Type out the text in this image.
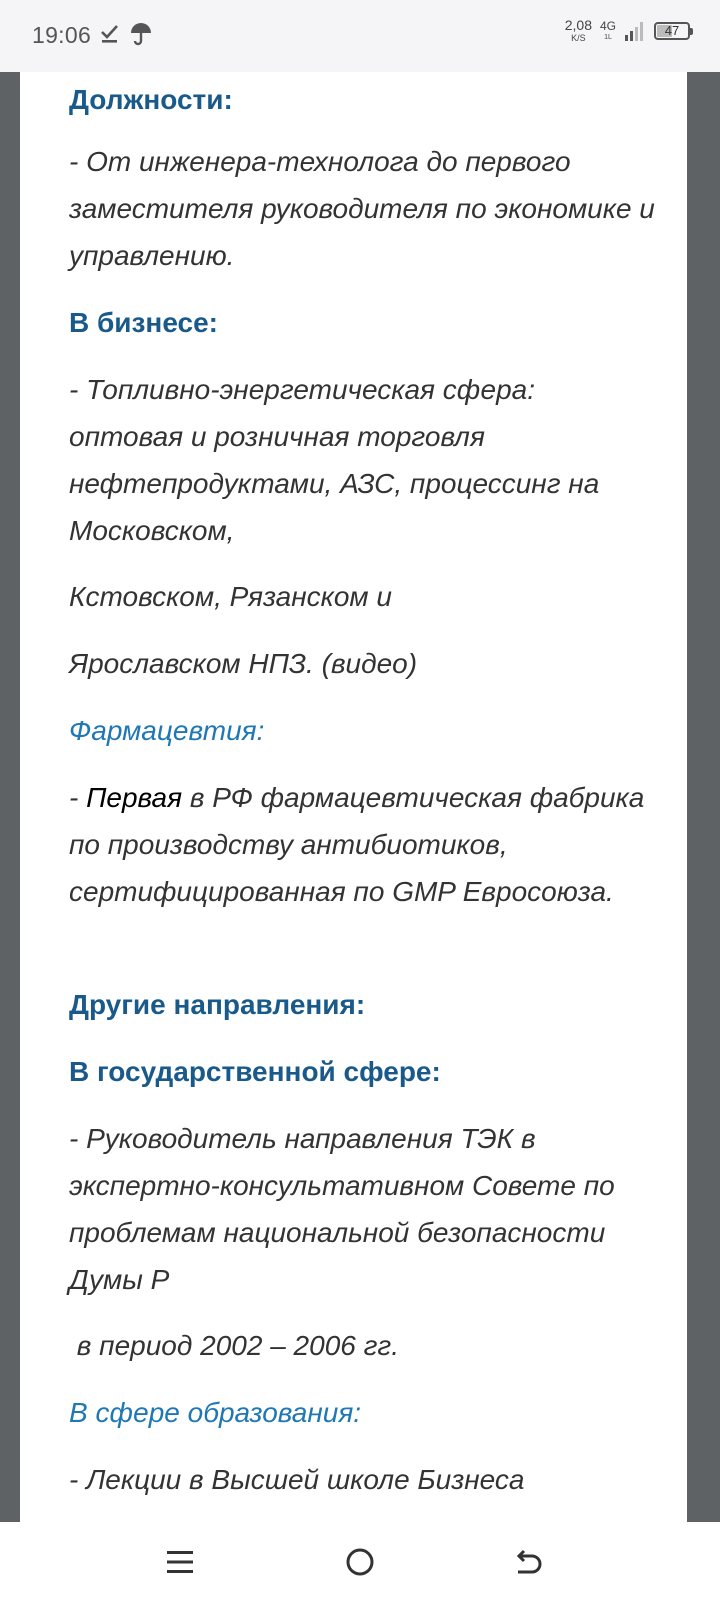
19:06	2,08
K/S
4G
1L	47

Должности:

- От инженера-технолога до первого заместителя руководителя по экономике и управлению.

В бизнесе:

- Топливно-энергетическая сфера: оптовая и розничная торговля нефтепродуктами, АЗС, процессинг на Московском,

Кстовском, Рязанском и

Ярославском НПЗ. (видео)

Фармацевтия:

- Первая в РФ фармацевтическая фабрика по производству антибиотиков, сертифицированная по GMP Евросоюза.

Другие направления:

В государственной сфере:

- Руководитель направления ТЭК в экспертно-консультативном Совете по проблемам национальной безопасности Думы Р

в период 2002 – 2006 гг.

В сфере образования:

- Лекции в Высшей школе Бизнеса
